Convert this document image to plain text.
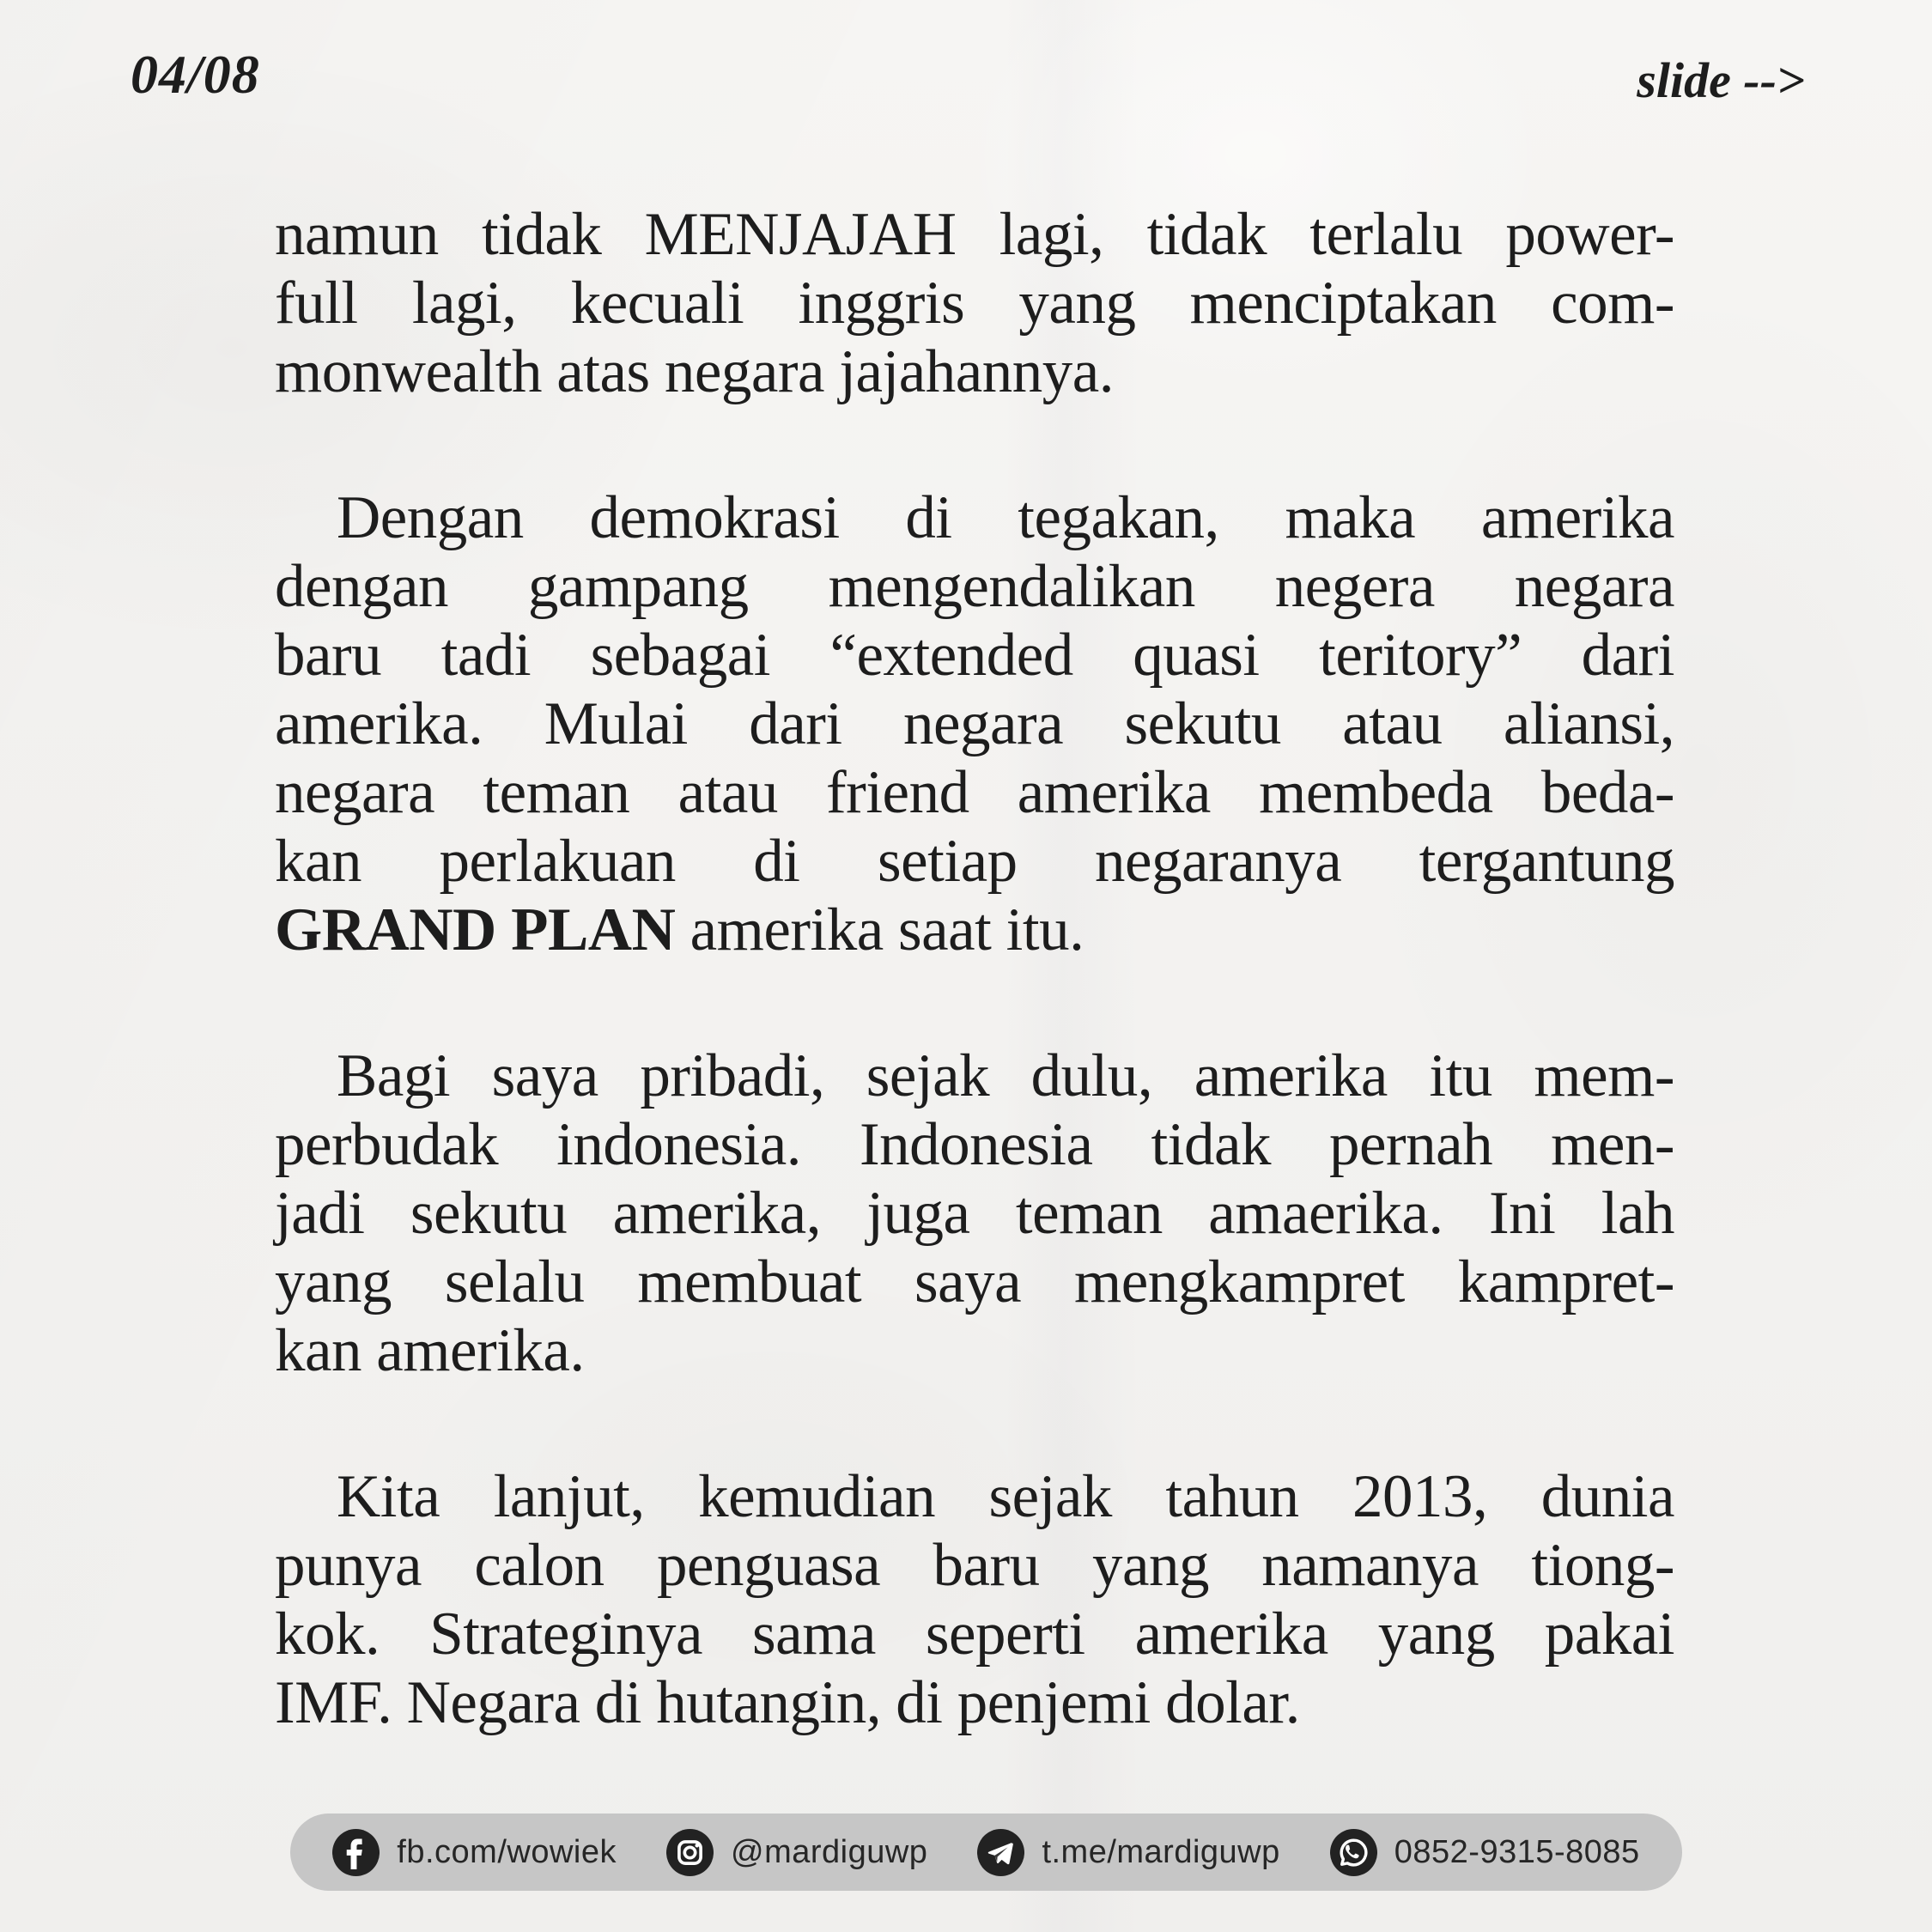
04/08	slide -->
namun tidak MENJAJAH lagi, tidak terlalu power-
full lagi, kecuali inggris yang menciptakan com-
monwealth atas negara jajahannya.
Dengan demokrasi di tegakan, maka amerika
dengan gampang mengendalikan negera negara
baru tadi sebagai “extended quasi teritory” dari
amerika. Mulai dari negara sekutu atau aliansi,
negara teman atau friend amerika membeda beda-
kan perlakuan di setiap negaranya tergantung
GRAND PLAN amerika saat itu.
Bagi saya pribadi, sejak dulu, amerika itu mem-
perbudak indonesia. Indonesia tidak pernah men-
jadi sekutu amerika, juga teman amaerika. Ini lah
yang selalu membuat saya mengkampret kampret-
kan amerika.
Kita lanjut, kemudian sejak tahun 2013, dunia
punya calon penguasa baru yang namanya tiong-
kok. Strateginya sama seperti amerika yang pakai
IMF. Negara di hutangin, di penjemi dolar.
fb.com/wowiek	@mardiguwp	t.me/mardiguwp	0852-9315-8085
